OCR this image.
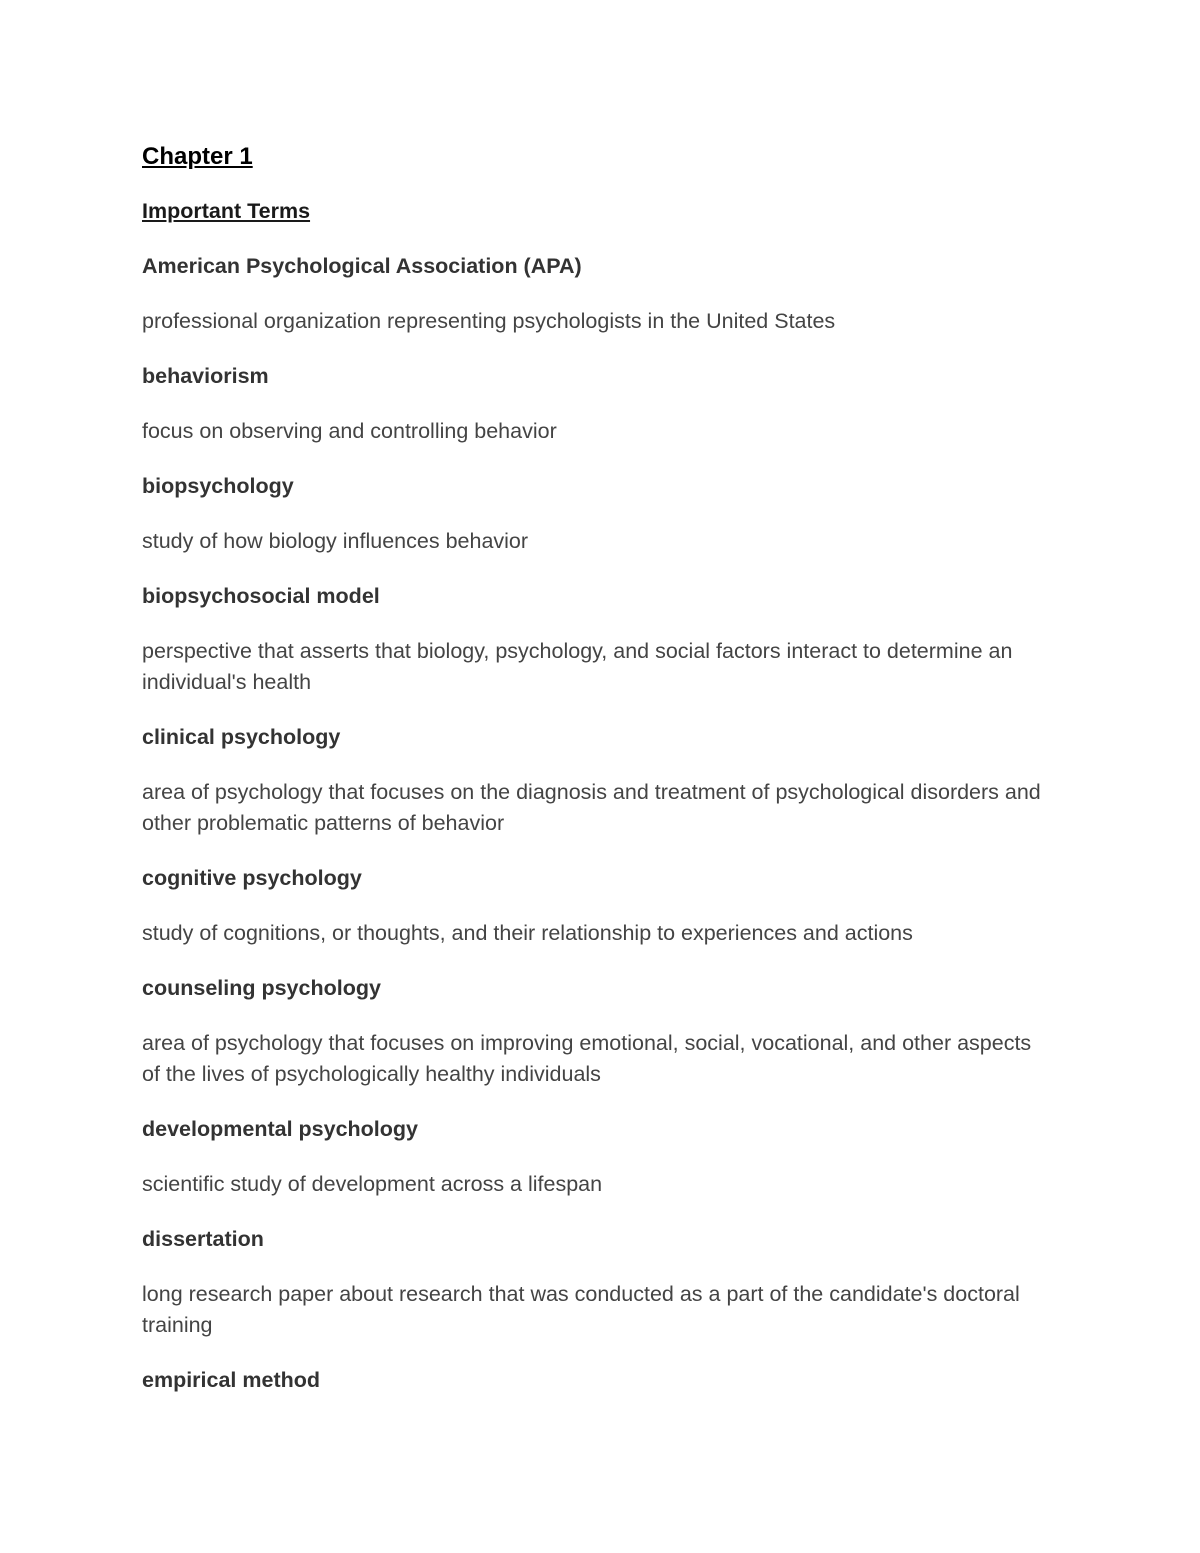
Chapter 1
Important Terms

American Psychological Association (APA)

professional organization representing psychologists in the United States

behaviorism

focus on observing and controlling behavior

biopsychology

study of how biology influences behavior

biopsychosocial model

perspective that asserts that biology, psychology, and social factors interact to determine an individual's health

clinical psychology

area of psychology that focuses on the diagnosis and treatment of psychological disorders and other problematic patterns of behavior

cognitive psychology

study of cognitions, or thoughts, and their relationship to experiences and actions

counseling psychology

area of psychology that focuses on improving emotional, social, vocational, and other aspects of the lives of psychologically healthy individuals

developmental psychology

scientific study of development across a lifespan

dissertation

long research paper about research that was conducted as a part of the candidate's doctoral training

empirical method
